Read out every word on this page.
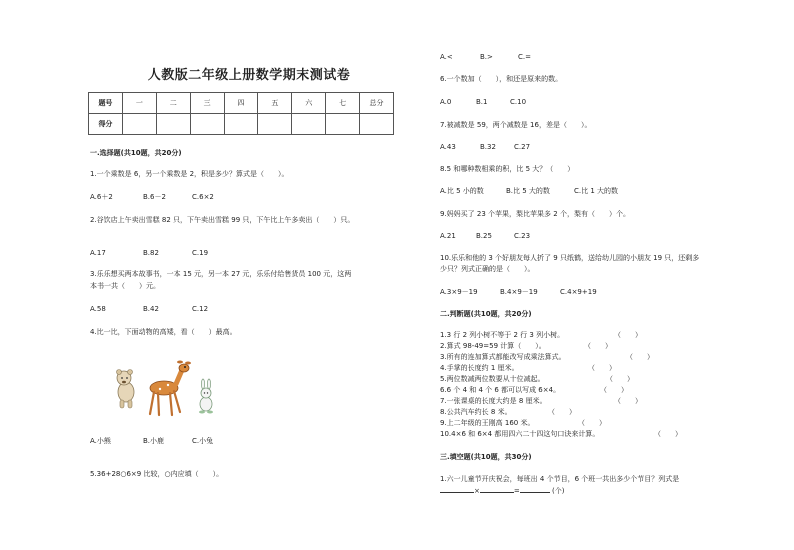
人教版二年级上册数学期末测试卷
题号	一	二	三	四	五	六	七	总分
得分								
一.选择题(共10题，共20分)
1.一个乘数是 6，另一个乘数是 2，积是多少？算式是（　　）。
A.6＋2	B.6－2	C.6×2
2.谷饮店上午卖出雪糕 82 只，下午卖出雪糕 99 只，下午比上午多卖出（　　）只。
A.17	B.82	C.19
3.乐乐想买两本故事书，一本 15 元，另一本 27 元，乐乐付给售货员 100 元，这两
本书一共（　　）元。
A.58	B.42	C.12
4.比一比，下面动物的高矮，看（　　）最高。
A.小熊	B.小鹿	C.小兔
5.36+28○6×9 比较，○内应填（　　）。
A.<	B.>	C.=
6.一个数加（　　），和还是原来的数。
A.0	B.1	C.10
7.被减数是 59，两个减数是 16，差是（　　）。
A.43	B.32	C.27
8.5 和哪种数相乘的积，比 5 大？（　　）
A.比 5 小的数	B.比 5 大的数	C.比 1 大的数
9.妈妈买了 23 个苹果，梨比苹果多 2 个，梨有（　　）个。
A.21	B.25	C.23
10.乐乐和他的 3 个好朋友每人折了 9 只纸鹤，送给幼儿园的小朋友 19 只，还剩多
少只？列式正确的是（　　）。
A.3×9－19	B.4×9－19	C.4×9+19
二.判断题(共10题，共20分)
1.3 行 2 列小树不等于 2 行 3 列小树。	（　　）
2.算式 98-49=59 计算（　　）。	（　　）
3.所有的连加算式都能改写成乘法算式。	（　　）
4.手掌的长度约 1 厘米。	（　　）
5.两位数减两位数要从十位减起。	（　　）
6.6 个 4 和 4 个 6 都可以写成 6×4。	（　　）
7.一张课桌的长度大约是 8 厘米。	（　　）
8.公共汽车约长 8 米。	（　　）
9.上二年级的王刚高 160 米。	（　　）
10.4×6 和 6×4 都用四六二十四这句口诀来计算。	（　　）
三.填空题(共10题，共30分)
1.六一儿童节开庆祝会，每班出 4 个节目，6 个班一共出多少个节目？列式是
×	=	(个)
